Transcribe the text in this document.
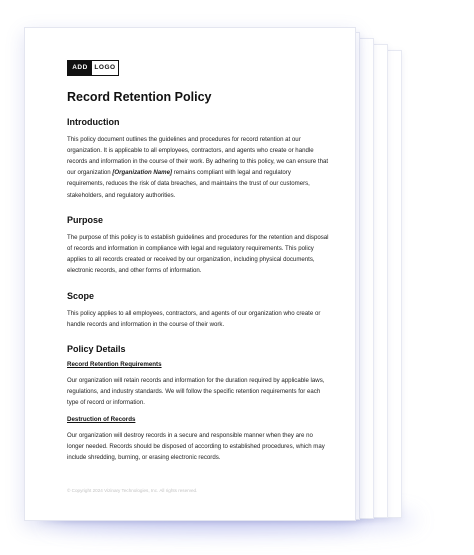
ADD	LOGO
Record Retention Policy
Introduction

This policy document outlines the guidelines and procedures for record retention at our organization. It is applicable to all employees, contractors, and agents who create or handle records and information in the course of their work. By adhering to this policy, we can ensure that our organization [Organization Name] remains compliant with legal and regulatory requirements, reduces the risk of data breaches, and maintains the trust of our customers, stakeholders, and regulatory authorities.

Purpose

The purpose of this policy is to establish guidelines and procedures for the retention and disposal of records and information in compliance with legal and regulatory requirements. This policy applies to all records created or received by our organization, including physical documents, electronic records, and other forms of information.

Scope

This policy applies to all employees, contractors, and agents of our organization who create or handle records and information in the course of their work.

Policy Details
Record Retention Requirements

Our organization will retain records and information for the duration required by applicable laws, regulations, and industry standards. We will follow the specific retention requirements for each type of record or information.

Destruction of Records

Our organization will destroy records in a secure and responsible manner when they are no longer needed. Records should be disposed of according to established procedures, which may include shredding, burning, or erasing electronic records.

© Copyright 2024 Vizinary Technologies, Inc. All rights reserved.
